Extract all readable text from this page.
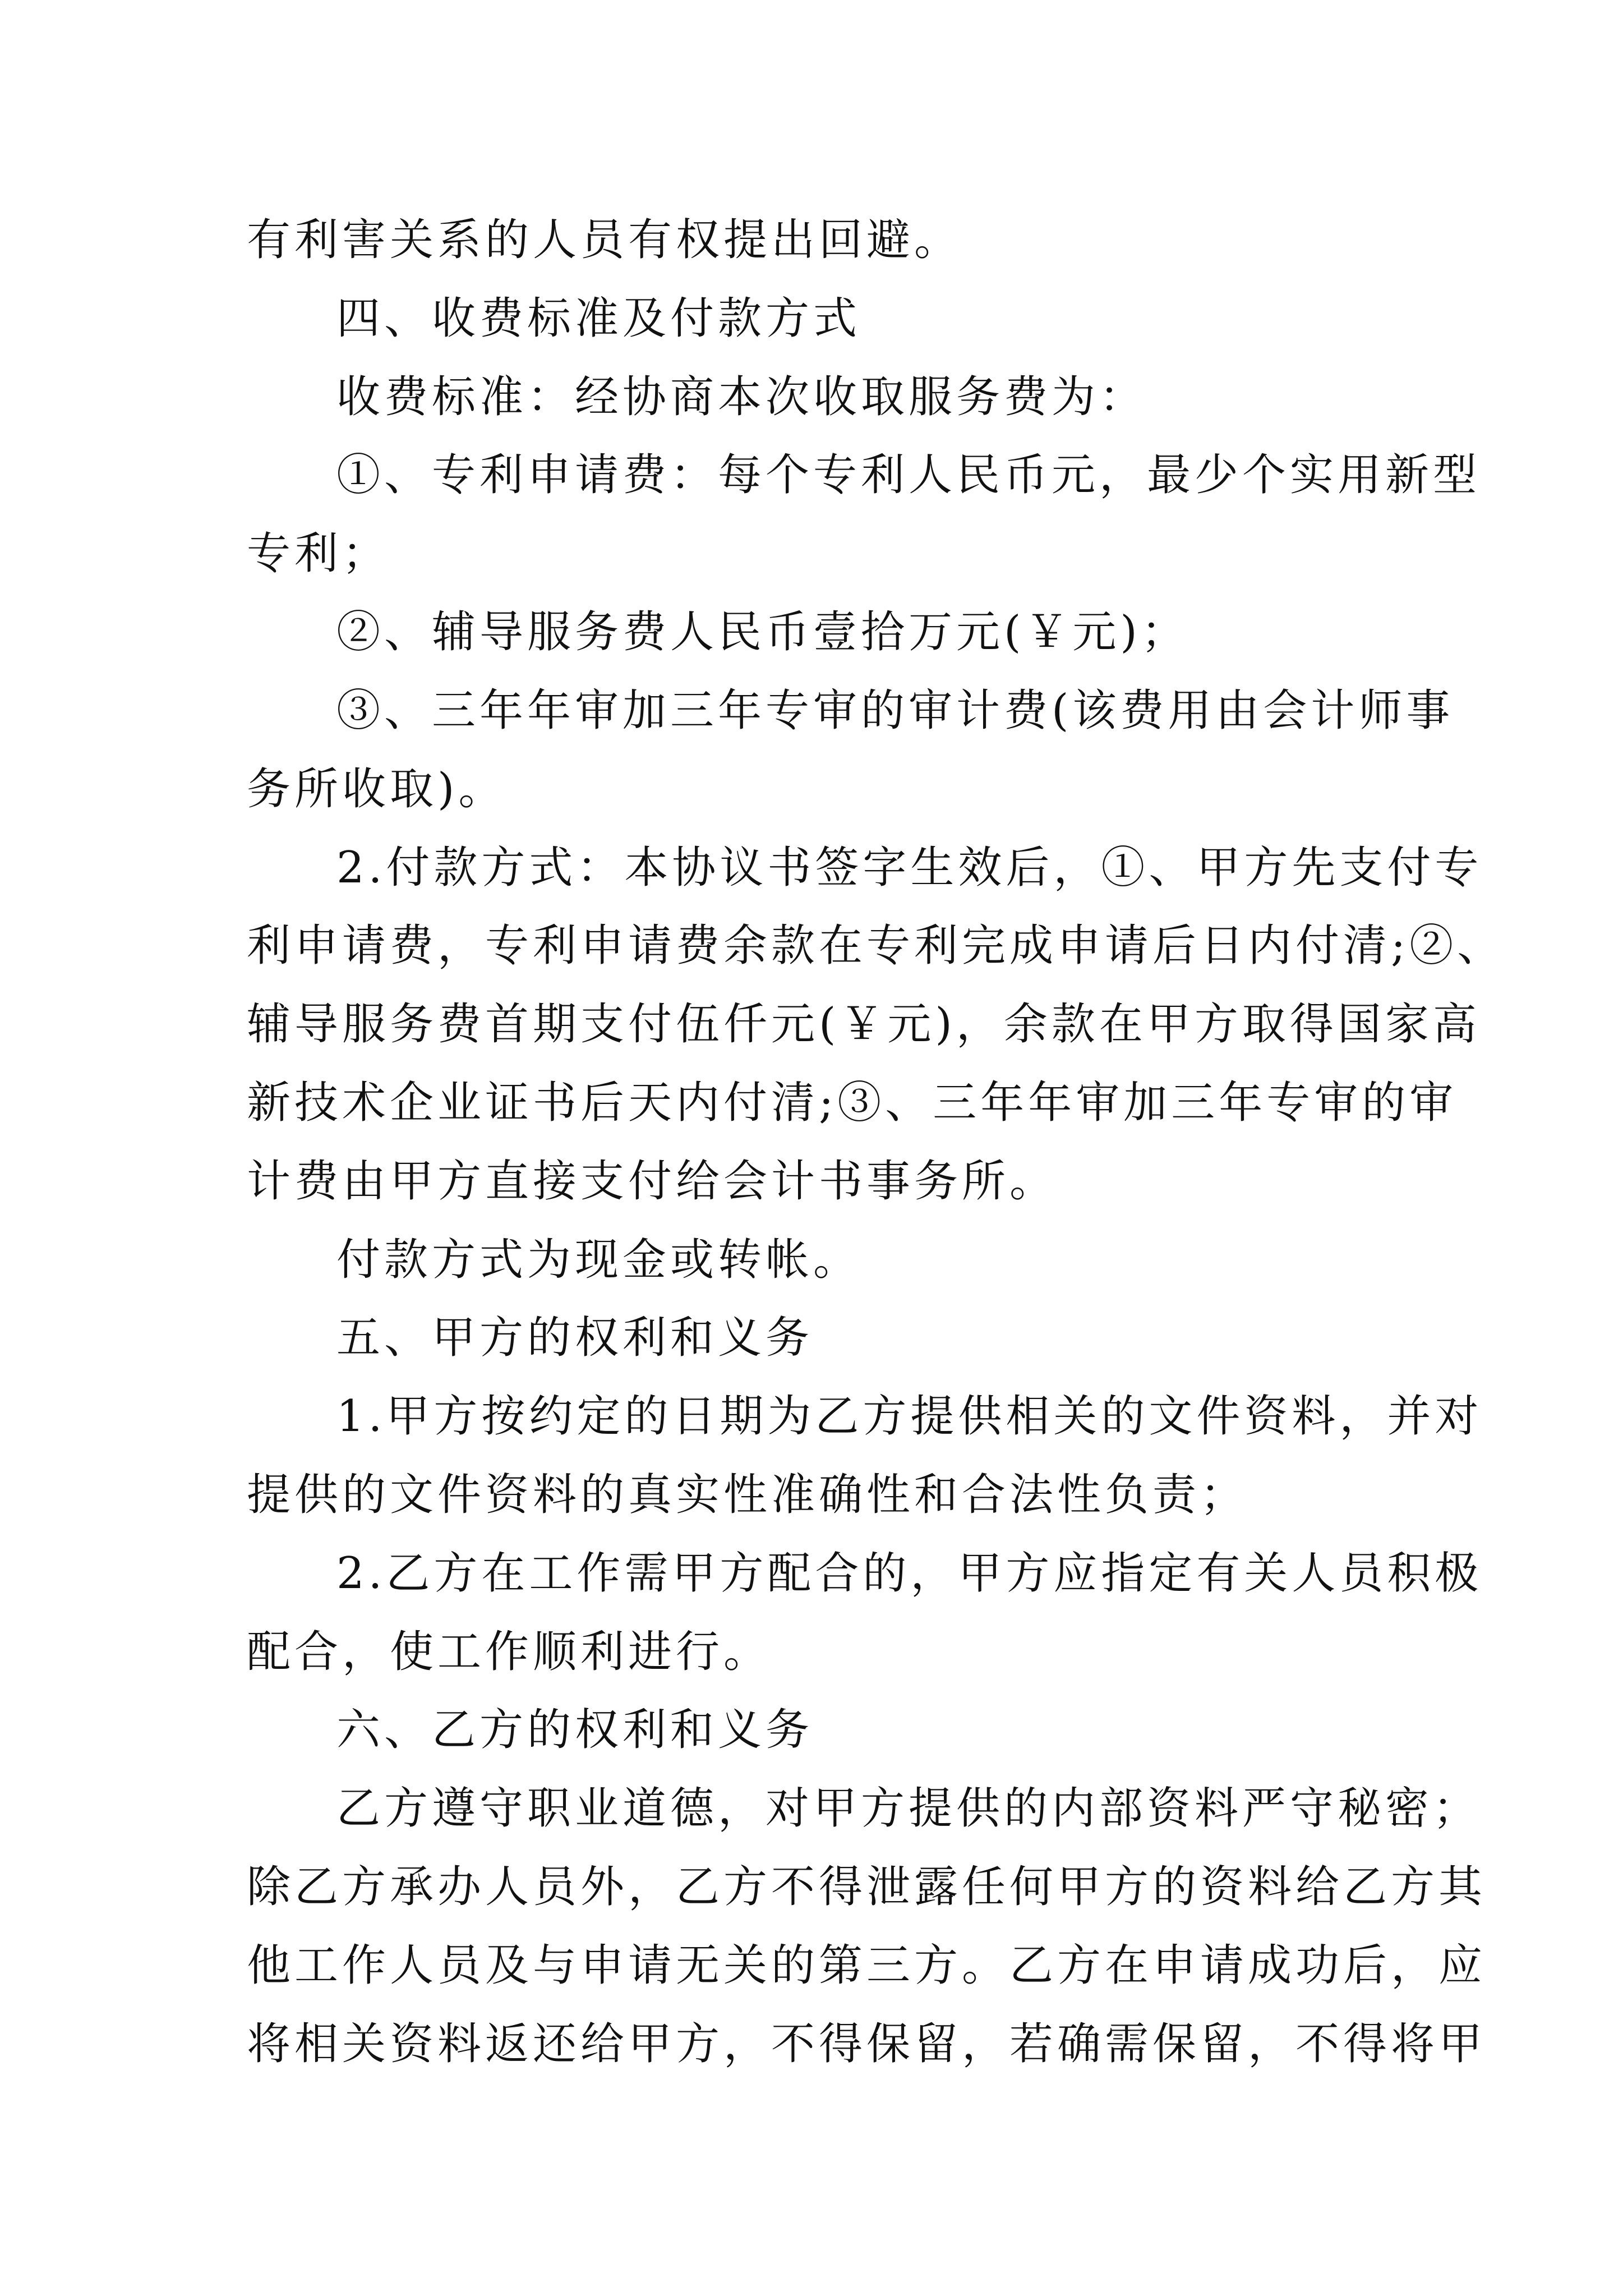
有利害关系的人员有权提出回避。
四、收费标准及付款方式
收费标准：经协商本次收取服务费为：
①、专利申请费：每个专利人民币元，最少个实用新型
专利；
②、辅导服务费人民币壹拾万元(￥元)；
③、三年年审加三年专审的审计费(该费用由会计师事
务所收取)。
2.付款方式：本协议书签字生效后，①、甲方先支付专
利申请费，专利申请费余款在专利完成申请后日内付清;②、
辅导服务费首期支付伍仟元(￥元)，余款在甲方取得国家高
新技术企业证书后天内付清;③、三年年审加三年专审的审
计费由甲方直接支付给会计书事务所。
付款方式为现金或转帐。
五、甲方的权利和义务
1.甲方按约定的日期为乙方提供相关的文件资料，并对
提供的文件资料的真实性准确性和合法性负责；
2.乙方在工作需甲方配合的，甲方应指定有关人员积极
配合，使工作顺利进行。
六、乙方的权利和义务
乙方遵守职业道德，对甲方提供的内部资料严守秘密；
除乙方承办人员外，乙方不得泄露任何甲方的资料给乙方其
他工作人员及与申请无关的第三方。乙方在申请成功后，应
将相关资料返还给甲方，不得保留，若确需保留，不得将甲
